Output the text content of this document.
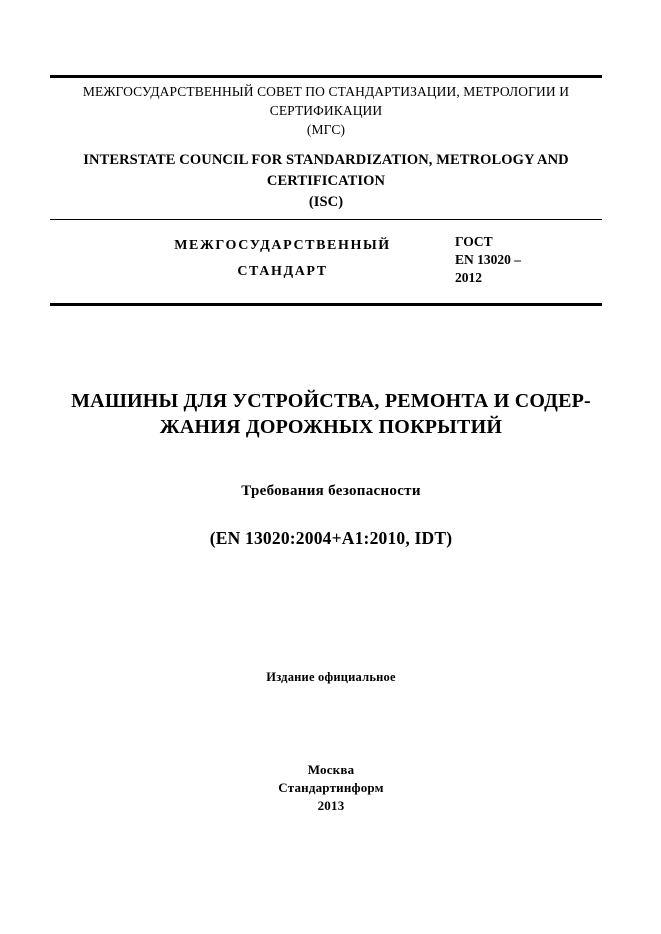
МЕЖГОСУДАРСТВЕННЫЙ СОВЕТ ПО СТАНДАРТИЗАЦИИ, МЕТРОЛОГИИ И СЕРТИФИКАЦИИ
(МГС)
INTERSTATE COUNCIL FOR STANDARDIZATION, METROLOGY AND CERTIFICATION
(ISC)
МЕЖГОСУДАРСТВЕННЫЙ СТАНДАРТ
ГОСТ
EN 13020 –
2012
МАШИНЫ ДЛЯ УСТРОЙСТВА, РЕМОНТА И СОДЕР-
ЖАНИЯ ДОРОЖНЫХ ПОКРЫТИЙ
Требования безопасности
(EN 13020:2004+A1:2010, IDT)
Издание официальное
Москва
Стандартинформ
2013
